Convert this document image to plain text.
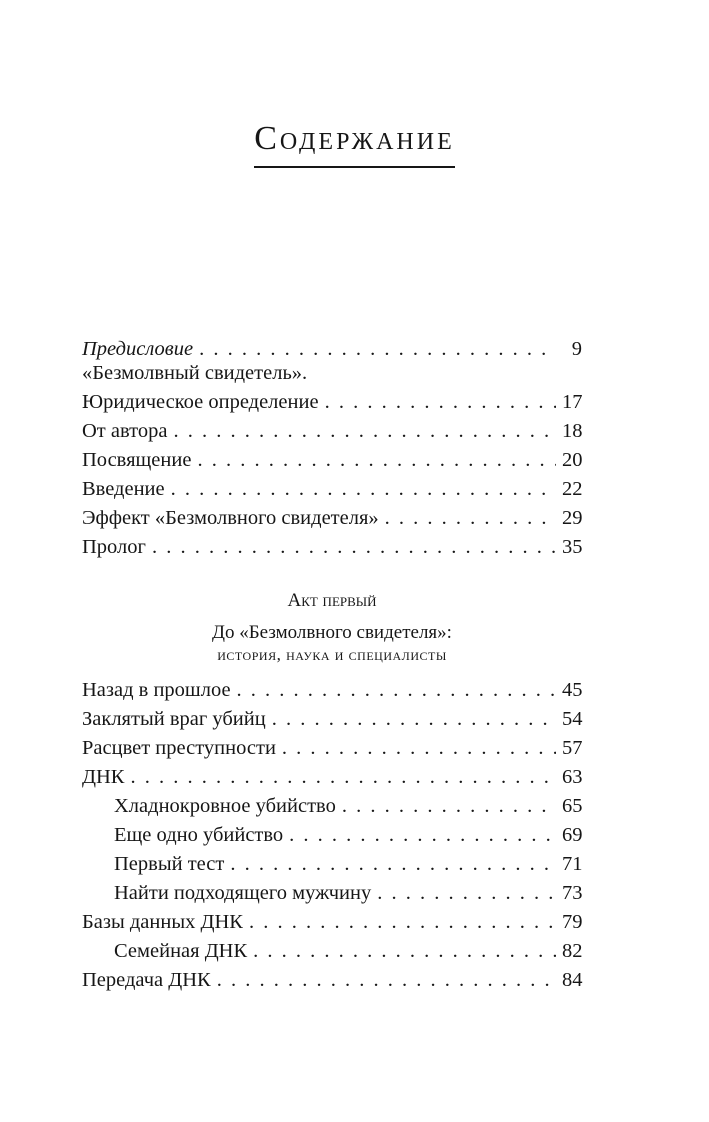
Содержание
Предисловие . . .	9
«Безмолвный свидетель».
Юридическое определение . . .	17
От автора . . .	18
Посвящение . . .	20
Введение . . .	22
Эффект «Безмолвного свидетеля» . . .	29
Пролог . . .	35
Акт первый
До «Безмолвного свидетеля»:
история, наука и специалисты
Назад в прошлое . . .	45
Заклятый враг убийц . . .	54
Расцвет преступности . . .	57
ДНК . . .	63
Хладнокровное убийство . . .	65
Еще одно убийство . . .	69
Первый тест . . .	71
Найти подходящего мужчину . . .	73
Базы данных ДНК . . .	79
Семейная ДНК . . .	82
Передача ДНК . . .	84
